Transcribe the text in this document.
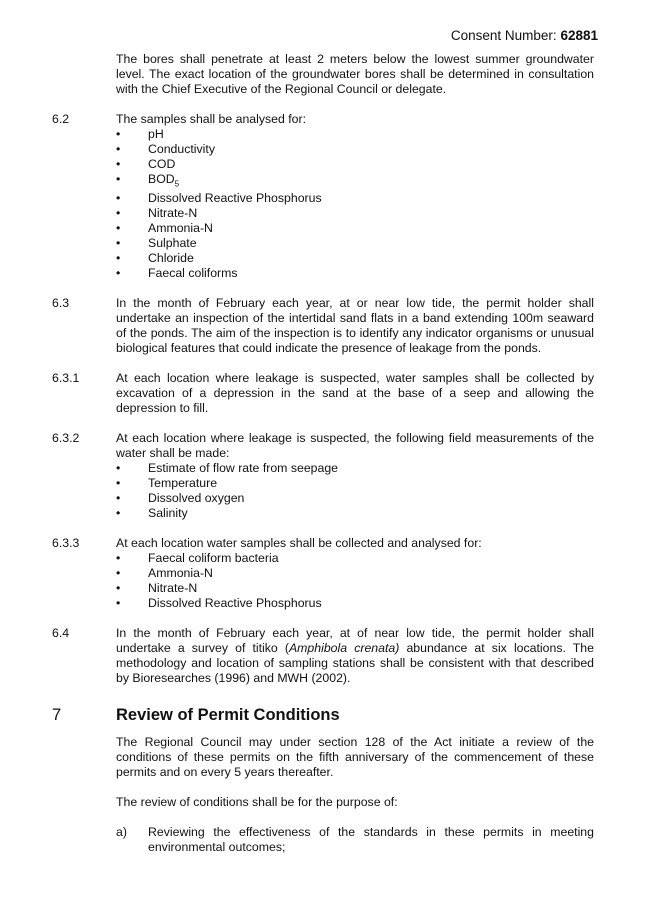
Consent Number: 62881

The bores shall penetrate at least 2 meters below the lowest summer groundwater level. The exact location of the groundwater bores shall be determined in consultation with the Chief Executive of the Regional Council or delegate.

6.2	The samples shall be analysed for:

•	pH
•	Conductivity
•	COD
•	$BOD_5$
•	Dissolved Reactive Phosphorus
•	Nitrate-N
•	Ammonia-N
•	Sulphate
•	Chloride
•	Faecal coliforms
6.3	In the month of February each year, at or near low tide, the permit holder shall undertake an inspection of the intertidal sand flats in a band extending 100m seaward of the ponds. The aim of the inspection is to identify any indicator organisms or unusual biological features that could indicate the presence of leakage from the ponds.

6.3.1	At each location where leakage is suspected, water samples shall be collected by excavation of a depression in the sand at the base of a seep and allowing the depression to fill.

6.3.2	At each location where leakage is suspected, the following field measurements of the water shall be made:

•	Estimate of flow rate from seepage
•	Temperature
•	Dissolved oxygen
•	Salinity
6.3.3	At each location water samples shall be collected and analysed for:

•	Faecal coliform bacteria
•	Ammonia-N
•	Nitrate-N
•	Dissolved Reactive Phosphorus
6.4	In the month of February each year, at of near low tide, the permit holder shall undertake a survey of titiko (Amphibola crenata) abundance at six locations. The methodology and location of sampling stations shall be consistent with that described by Bioresearches (1996) and MWH (2002).

7	Review of Permit Conditions

The Regional Council may under section 128 of the Act initiate a review of the conditions of these permits on the fifth anniversary of the commencement of these permits and on every 5 years thereafter.

The review of conditions shall be for the purpose of:

a)	Reviewing the effectiveness of the standards in these permits in meeting environmental outcomes;
